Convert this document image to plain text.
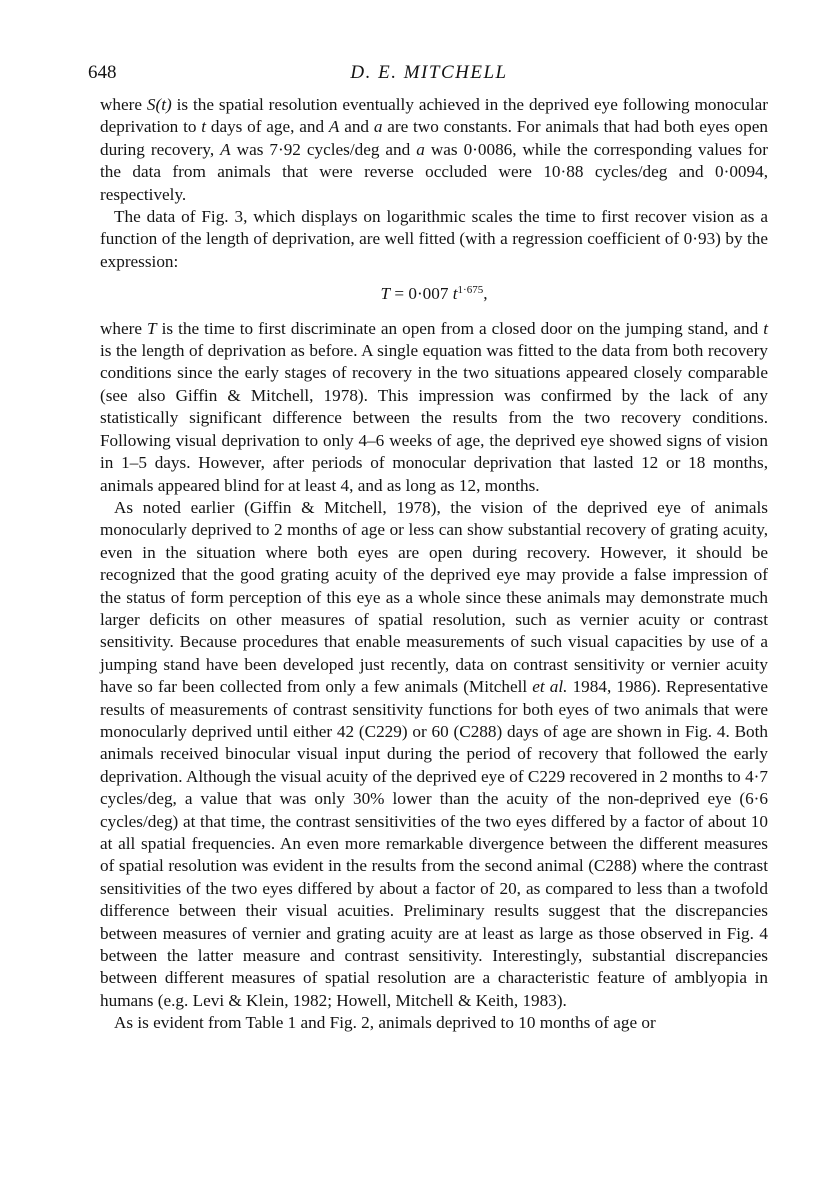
648	D. E. MITCHELL

where S(t) is the spatial resolution eventually achieved in the deprived eye following monocular deprivation to t days of age, and A and a are two constants. For animals that had both eyes open during recovery, A was 7·92 cycles/deg and a was 0·0086, while the corresponding values for the data from animals that were reverse occluded were 10·88 cycles/deg and 0·0094, respectively.

The data of Fig. 3, which displays on logarithmic scales the time to first recover vision as a function of the length of deprivation, are well fitted (with a regression coefficient of 0·93) by the expression:

T = 0·007 $t^{1\cdot 675}$,

where T is the time to first discriminate an open from a closed door on the jumping stand, and t is the length of deprivation as before. A single equation was fitted to the data from both recovery conditions since the early stages of recovery in the two situations appeared closely comparable (see also Giffin & Mitchell, 1978). This impression was confirmed by the lack of any statistically significant difference between the results from the two recovery conditions. Following visual deprivation to only 4–6 weeks of age, the deprived eye showed signs of vision in 1–5 days. However, after periods of monocular deprivation that lasted 12 or 18 months, animals appeared blind for at least 4, and as long as 12, months.

As noted earlier (Giffin & Mitchell, 1978), the vision of the deprived eye of animals monocularly deprived to 2 months of age or less can show substantial recovery of grating acuity, even in the situation where both eyes are open during recovery. However, it should be recognized that the good grating acuity of the deprived eye may provide a false impression of the status of form perception of this eye as a whole since these animals may demonstrate much larger deficits on other measures of spatial resolution, such as vernier acuity or contrast sensitivity. Because procedures that enable measurements of such visual capacities by use of a jumping stand have been developed just recently, data on contrast sensitivity or vernier acuity have so far been collected from only a few animals (Mitchell et al. 1984, 1986). Representative results of measurements of contrast sensitivity functions for both eyes of two animals that were monocularly deprived until either 42 (C229) or 60 (C288) days of age are shown in Fig. 4. Both animals received binocular visual input during the period of recovery that followed the early deprivation. Although the visual acuity of the deprived eye of C229 recovered in 2 months to 4·7 cycles/deg, a value that was only 30% lower than the acuity of the non-deprived eye (6·6 cycles/deg) at that time, the contrast sensitivities of the two eyes differed by a factor of about 10 at all spatial frequencies. An even more remarkable divergence between the different measures of spatial resolution was evident in the results from the second animal (C288) where the contrast sensitivities of the two eyes differed by about a factor of 20, as compared to less than a twofold difference between their visual acuities. Preliminary results suggest that the discrepancies between measures of vernier and grating acuity are at least as large as those observed in Fig. 4 between the latter measure and contrast sensitivity. Interestingly, substantial discrepancies between different measures of spatial resolution are a characteristic feature of amblyopia in humans (e.g. Levi & Klein, 1982; Howell, Mitchell & Keith, 1983).

As is evident from Table 1 and Fig. 2, animals deprived to 10 months of age or
